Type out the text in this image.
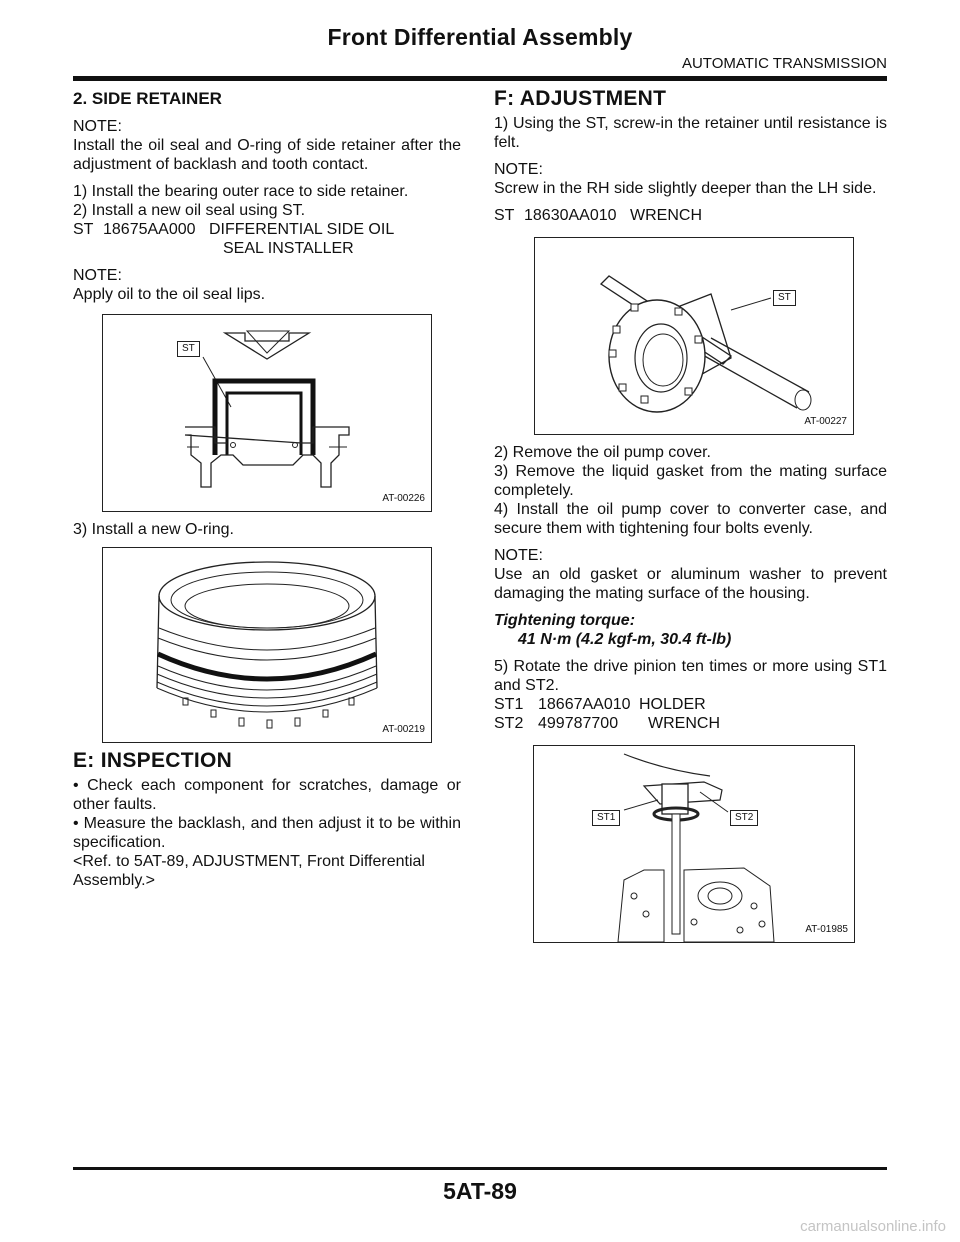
Front Differential Assembly
AUTOMATIC TRANSMISSION
2. SIDE RETAINER

NOTE:

Install the oil seal and O-ring of side retainer after the adjustment of backlash and tooth contact.

1) Install the bearing outer race to side retainer.

2) Install a new oil seal using ST.

ST 18675AA000 DIFFERENTIAL SIDE OIL
SEAL INSTALLER

NOTE:

Apply oil to the oil seal lips.

ST
AT-00226

3) Install a new O-ring.

AT-00219
E: INSPECTION

• Check each component for scratches, damage or other faults.

• Measure the backlash, and then adjust it to be within specification.

<Ref. to 5AT-89, ADJUSTMENT, Front Differential Assembly.>

F: ADJUSTMENT

1) Using the ST, screw-in the retainer until resistance is felt.

NOTE:

Screw in the RH side slightly deeper than the LH side.

ST 18630AA010 WRENCH
ST
AT-00227

2) Remove the oil pump cover.

3) Remove the liquid gasket from the mating surface completely.

4) Install the oil pump cover to converter case, and secure them with tightening four bolts evenly.

NOTE:

Use an old gasket or aluminum washer to prevent damaging the mating surface of the housing.

Tightening torque:

41 N·m (4.2 kgf-m, 30.4 ft-lb)

5) Rotate the drive pinion ten times or more using ST1 and ST2.

ST1 18667AA010 HOLDER
ST2 499787700	WRENCH
ST1	ST2
AT-01985
5AT-89
carmanualsonline.info
